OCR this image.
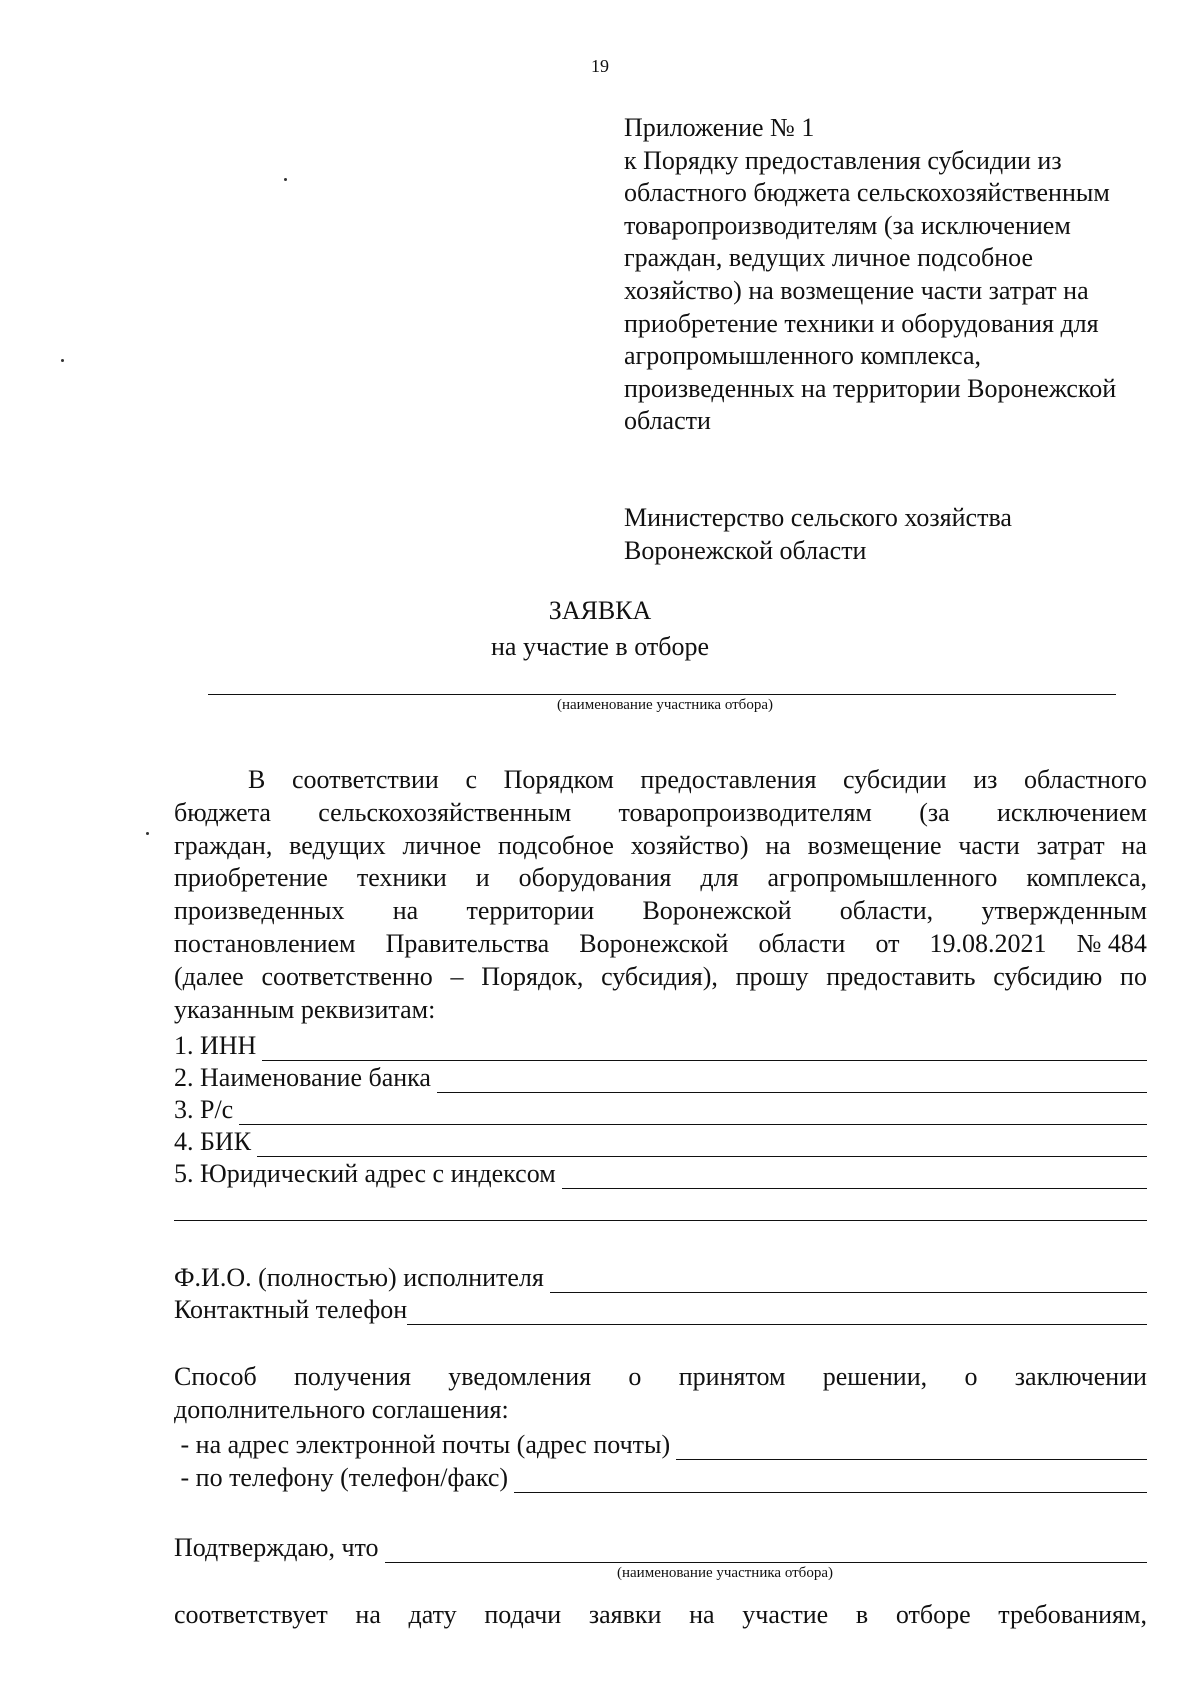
19
Приложение № 1
к Порядку предоставления субсидии из
областного бюджета сельскохозяйственным
товаропроизводителям (за исключением
граждан, ведущих личное подсобное
хозяйство) на возмещение части затрат на
приобретение техники и оборудования для
агропромышленного комплекса,
произведенных на территории Воронежской
области
Министерство сельского хозяйства
Воронежской области
ЗАЯВКА
на участие в отборе
(наименование участника отбора)
В соответствии с Порядком предоставления субсидии из областного
бюджета сельскохозяйственным товаропроизводителям (за исключением
граждан, ведущих личное подсобное хозяйство) на возмещение части затрат на
приобретение техники и оборудования для агропромышленного комплекса,
произведенных на территории Воронежской области, утвержденным
постановлением Правительства Воронежской области от 19.08.2021 № 484
(далее соответственно – Порядок, субсидия), прошу предоставить субсидию по
указанным реквизитам:
1. ИНН
2. Наименование банка
3. Р/с
4. БИК
5. Юридический адрес с индексом
Ф.И.О. (полностью) исполнителя
Контактный телефон
Способ получения уведомления о принятом решении, о заключении
дополнительного соглашения:
- на адрес электронной почты (адрес почты)
- по телефону (телефон/факс)
Подтверждаю, что
(наименование участника отбора)
соответствует на дату подачи заявки на участие в отборе требованиям,
